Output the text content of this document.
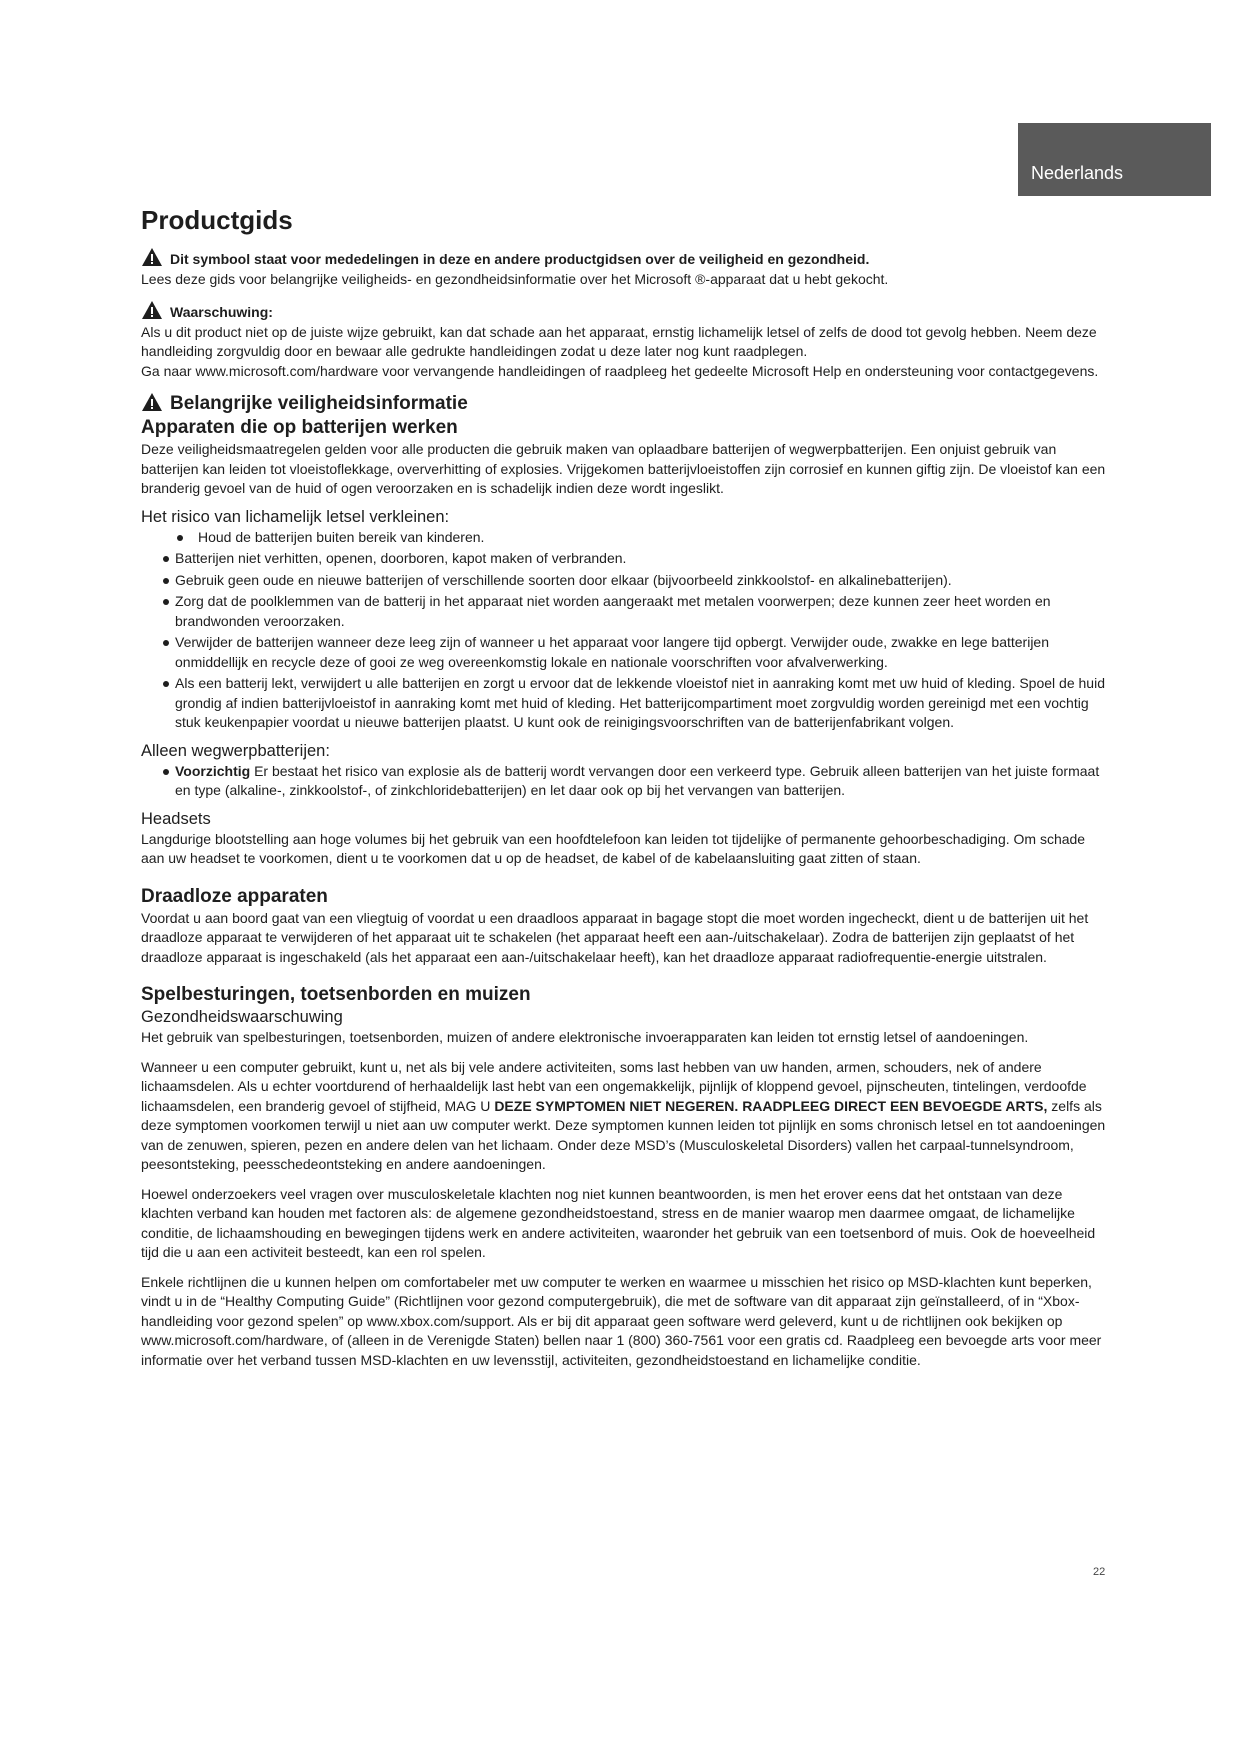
Nederlands
Productgids
Dit symbool staat voor mededelingen in deze en andere productgidsen over de veiligheid en gezondheid.

Lees deze gids voor belangrijke veiligheids- en gezondheidsinformatie over het Microsoft ®-apparaat dat u hebt gekocht.

Waarschuwing:

Als u dit product niet op de juiste wijze gebruikt, kan dat schade aan het apparaat, ernstig lichamelijk letsel of zelfs de dood tot gevolg hebben. Neem deze handleiding zorgvuldig door en bewaar alle gedrukte handleidingen zodat u deze later nog kunt raadplegen.

Ga naar www.microsoft.com/hardware voor vervangende handleidingen of raadpleeg het gedeelte Microsoft Help en ondersteuning voor contactgegevens.

Belangrijke veiligheidsinformatie
Apparaten die op batterijen werken

Deze veiligheidsmaatregelen gelden voor alle producten die gebruik maken van oplaadbare batterijen of wegwerpbatterijen. Een onjuist gebruik van batterijen kan leiden tot vloeistoflekkage, oververhitting of explosies. Vrijgekomen batterijvloeistoffen zijn corrosief en kunnen giftig zijn. De vloeistof kan een branderig gevoel van de huid of ogen veroorzaken en is schadelijk indien deze wordt ingeslikt.

Het risico van lichamelijk letsel verkleinen:
Houd de batterijen buiten bereik van kinderen.
Batterijen niet verhitten, openen, doorboren, kapot maken of verbranden.
Gebruik geen oude en nieuwe batterijen of verschillende soorten door elkaar (bijvoorbeeld zinkkoolstof- en alkalinebatterijen).
Zorg dat de poolklemmen van de batterij in het apparaat niet worden aangeraakt met metalen voorwerpen; deze kunnen zeer heet worden en brandwonden veroorzaken.
Verwijder de batterijen wanneer deze leeg zijn of wanneer u het apparaat voor langere tijd opbergt. Verwijder oude, zwakke en lege batterijen onmiddellijk en recycle deze of gooi ze weg overeenkomstig lokale en nationale voorschriften voor afvalverwerking.
Als een batterij lekt, verwijdert u alle batterijen en zorgt u ervoor dat de lekkende vloeistof niet in aanraking komt met uw huid of kleding. Spoel de huid grondig af indien batterijvloeistof in aanraking komt met huid of kleding. Het batterijcompartiment moet zorgvuldig worden gereinigd met een vochtig stuk keukenpapier voordat u nieuwe batterijen plaatst. U kunt ook de reinigingsvoorschriften van de batterijenfabrikant volgen.
Alleen wegwerpbatterijen:
Voorzichtig Er bestaat het risico van explosie als de batterij wordt vervangen door een verkeerd type. Gebruik alleen batterijen van het juiste formaat en type (alkaline-, zinkkoolstof-, of zinkchloridebatterijen) en let daar ook op bij het vervangen van batterijen.
Headsets

Langdurige blootstelling aan hoge volumes bij het gebruik van een hoofdtelefoon kan leiden tot tijdelijke of permanente gehoorbeschadiging. Om schade aan uw headset te voorkomen, dient u te voorkomen dat u op de headset, de kabel of de kabelaansluiting gaat zitten of staan.

Draadloze apparaten

Voordat u aan boord gaat van een vliegtuig of voordat u een draadloos apparaat in bagage stopt die moet worden ingecheckt, dient u de batterijen uit het draadloze apparaat te verwijderen of het apparaat uit te schakelen (het apparaat heeft een aan-/uitschakelaar). Zodra de batterijen zijn geplaatst of het draadloze apparaat is ingeschakeld (als het apparaat een aan-/uitschakelaar heeft), kan het draadloze apparaat radiofrequentie-energie uitstralen.

Spelbesturingen, toetsenborden en muizen
Gezondheidswaarschuwing

Het gebruik van spelbesturingen, toetsenborden, muizen of andere elektronische invoerapparaten kan leiden tot ernstig letsel of aandoeningen.

Wanneer u een computer gebruikt, kunt u, net als bij vele andere activiteiten, soms last hebben van uw handen, armen, schouders, nek of andere lichaamsdelen. Als u echter voortdurend of herhaaldelijk last hebt van een ongemakkelijk, pijnlijk of kloppend gevoel, pijnscheuten, tintelingen, verdoofde lichaamsdelen, een branderig gevoel of stijfheid, MAG U DEZE SYMPTOMEN NIET NEGEREN. RAADPLEEG DIRECT EEN BEVOEGDE ARTS, zelfs als deze symptomen voorkomen terwijl u niet aan uw computer werkt. Deze symptomen kunnen leiden tot pijnlijk en soms chronisch letsel en tot aandoeningen van de zenuwen, spieren, pezen en andere delen van het lichaam. Onder deze MSD’s (Musculoskeletal Disorders) vallen het carpaal-tunnelsyndroom, peesontsteking, peesschedeontsteking en andere aandoeningen.

Hoewel onderzoekers veel vragen over musculoskeletale klachten nog niet kunnen beantwoorden, is men het erover eens dat het ontstaan van deze klachten verband kan houden met factoren als: de algemene gezondheidstoestand, stress en de manier waarop men daarmee omgaat, de lichamelijke conditie, de lichaamshouding en bewegingen tijdens werk en andere activiteiten, waaronder het gebruik van een toetsenbord of muis. Ook de hoeveelheid tijd die u aan een activiteit besteedt, kan een rol spelen.

Enkele richtlijnen die u kunnen helpen om comfortabeler met uw computer te werken en waarmee u misschien het risico op MSD-klachten kunt beperken, vindt u in de “Healthy Computing Guide” (Richtlijnen voor gezond computergebruik), die met de software van dit apparaat zijn geïnstalleerd, of in “Xbox-handleiding voor gezond spelen” op www.xbox.com/support. Als er bij dit apparaat geen software werd geleverd, kunt u de richtlijnen ook bekijken op www.microsoft.com/hardware, of (alleen in de Verenigde Staten) bellen naar 1 (800) 360-7561 voor een gratis cd. Raadpleeg een bevoegde arts voor meer informatie over het verband tussen MSD-klachten en uw levensstijl, activiteiten, gezondheidstoestand en lichamelijke conditie.

22
